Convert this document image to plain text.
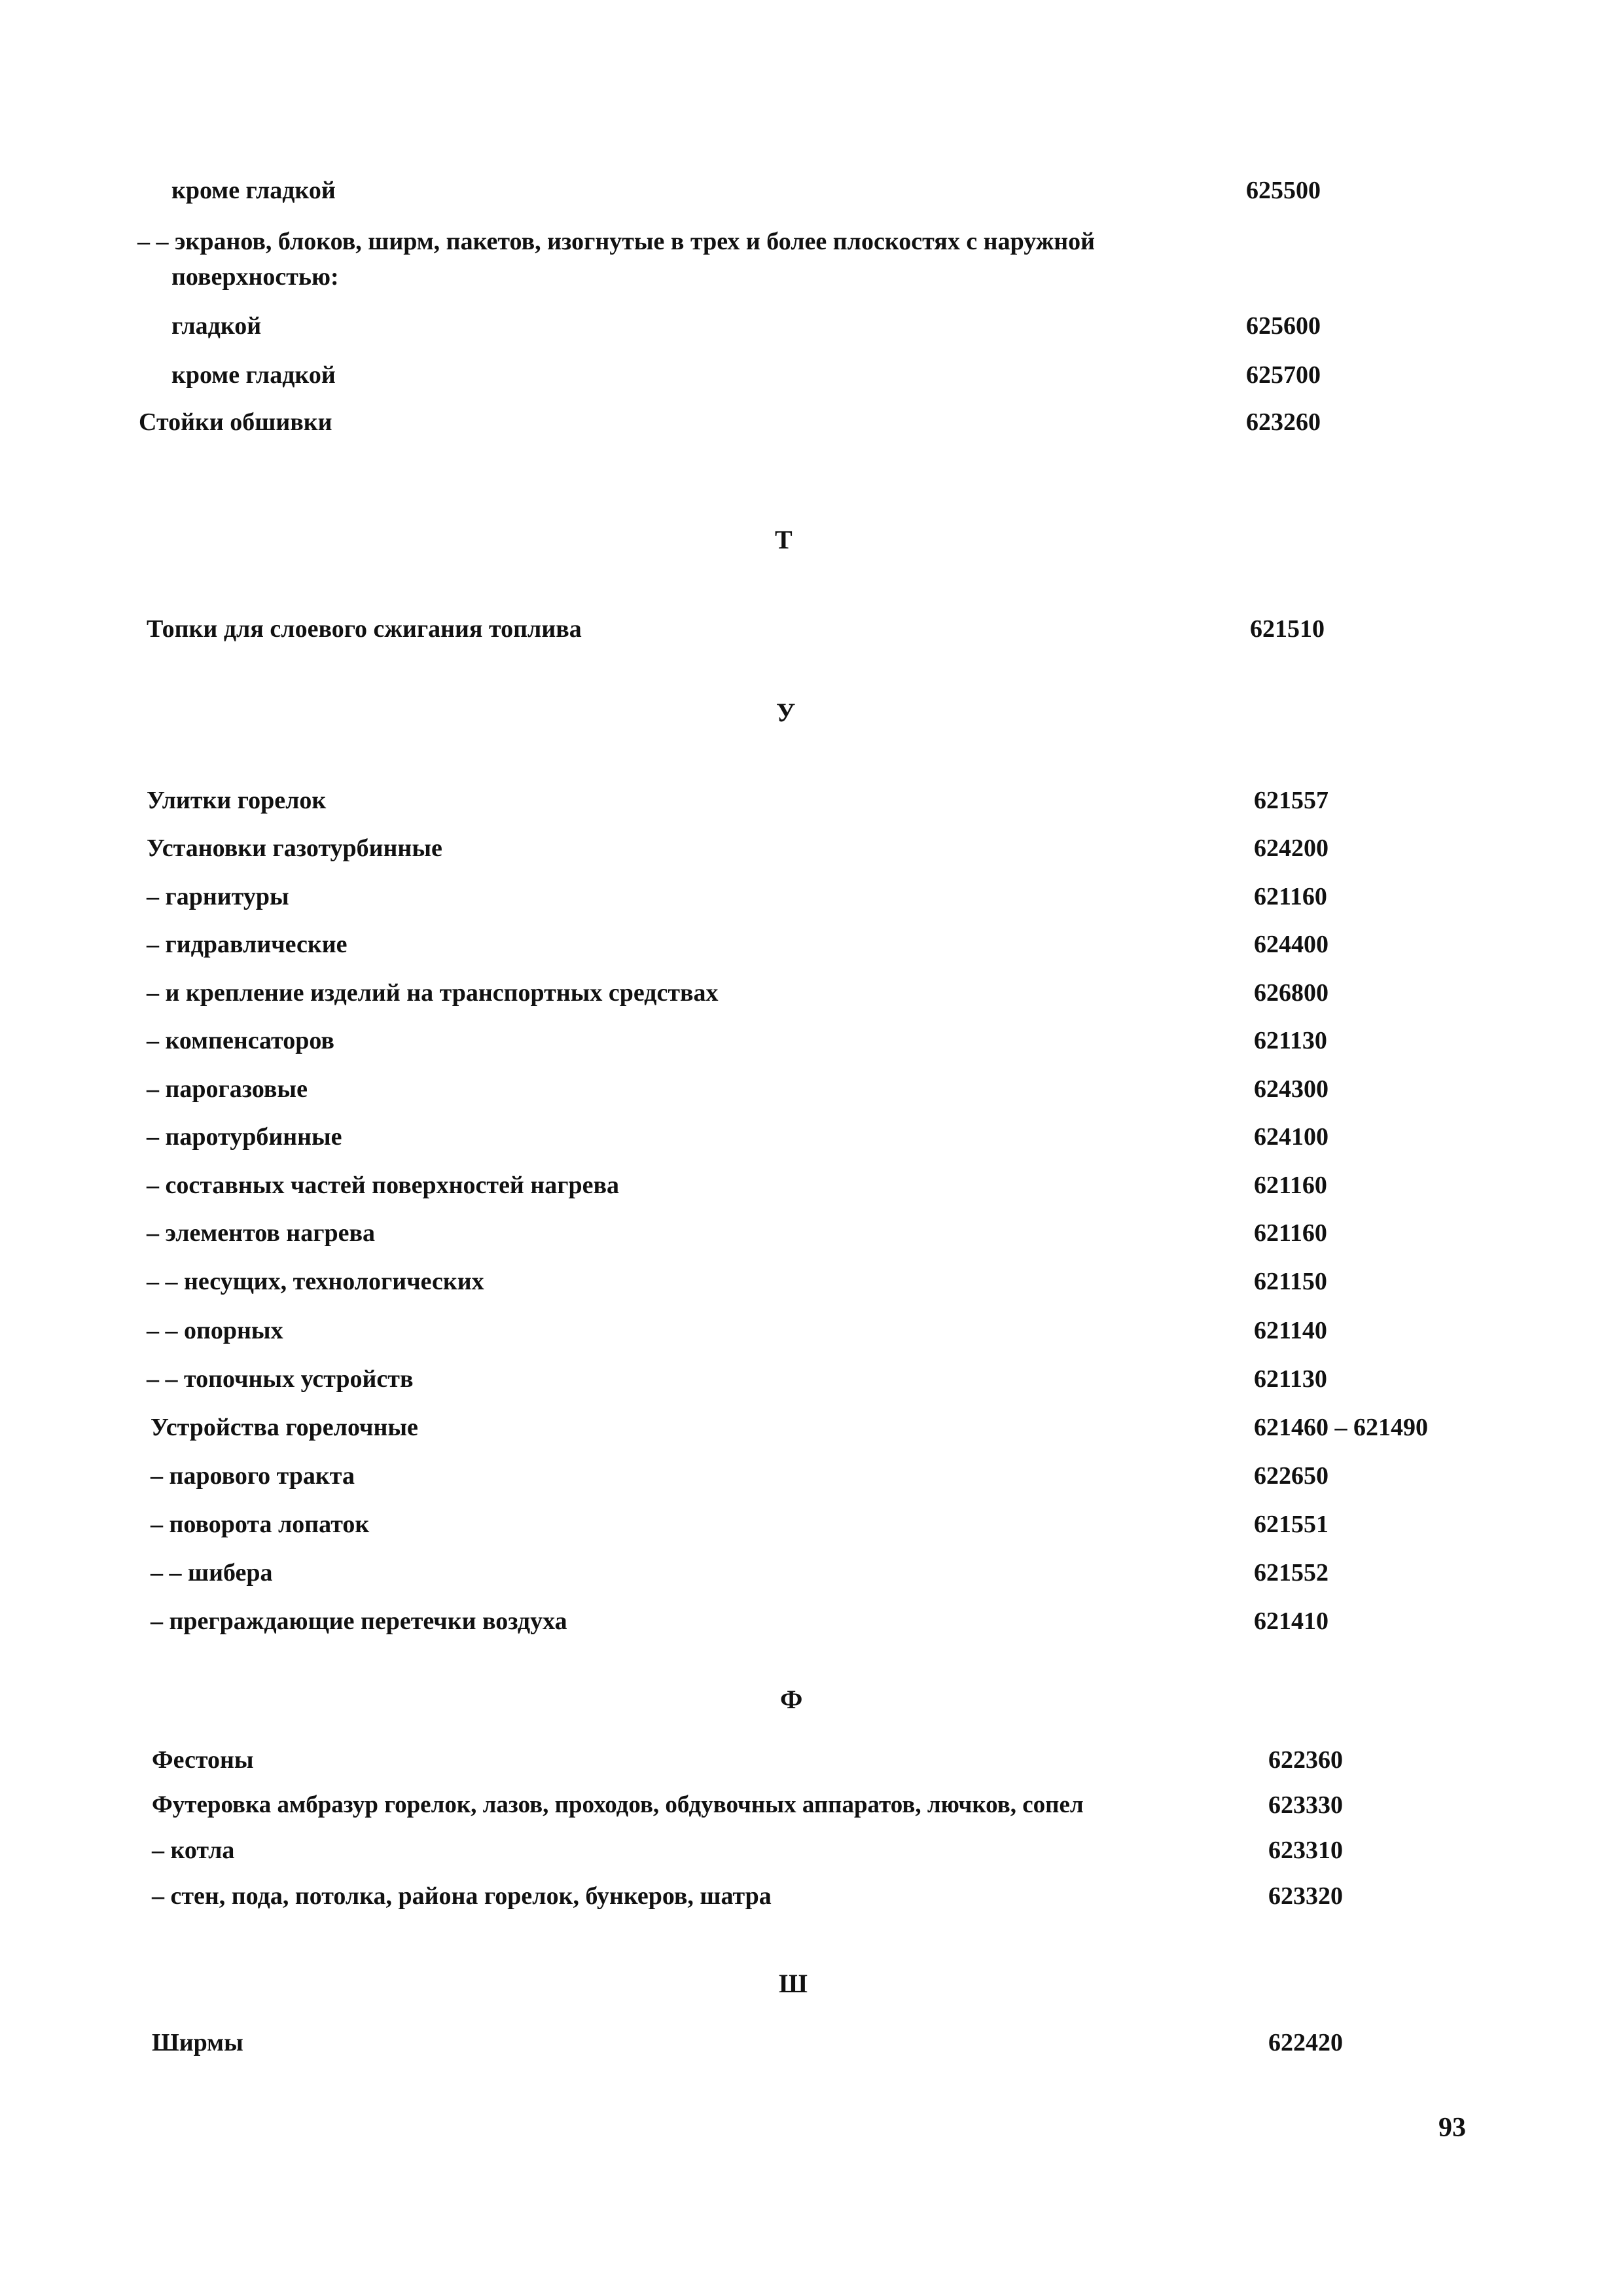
кроме гладкой	625500
– – экранов, блоков, ширм, пакетов, изогнутые в трех и более плоскостях с наружной
поверхностью:
гладкой	625600
кроме гладкой	625700
Стойки обшивки	623260
Т
Топки для слоевого сжигания топлива	621510
У
Улитки горелок	621557
Установки газотурбинные	624200
– гарнитуры	621160
– гидравлические	624400
– и крепление изделий на транспортных средствах	626800
– компенсаторов	621130
– парогазовые	624300
– паротурбинные	624100
– составных частей поверхностей нагрева	621160
– элементов нагрева	621160
– – несущих, технологических	621150
– – опорных	621140
– – топочных устройств	621130
Устройства горелочные	621460 – 621490
– парового тракта	622650
– поворота лопаток	621551
– – шибера	621552
– преграждающие перетечки воздуха	621410
Ф
Фестоны	622360
Футеровка амбразур горелок, лазов, проходов, обдувочных аппаратов, лючков, сопел	623330
– котла	623310
– стен, пода, потолка, района горелок, бункеров, шатра	623320
Ш
Ширмы	622420
93
